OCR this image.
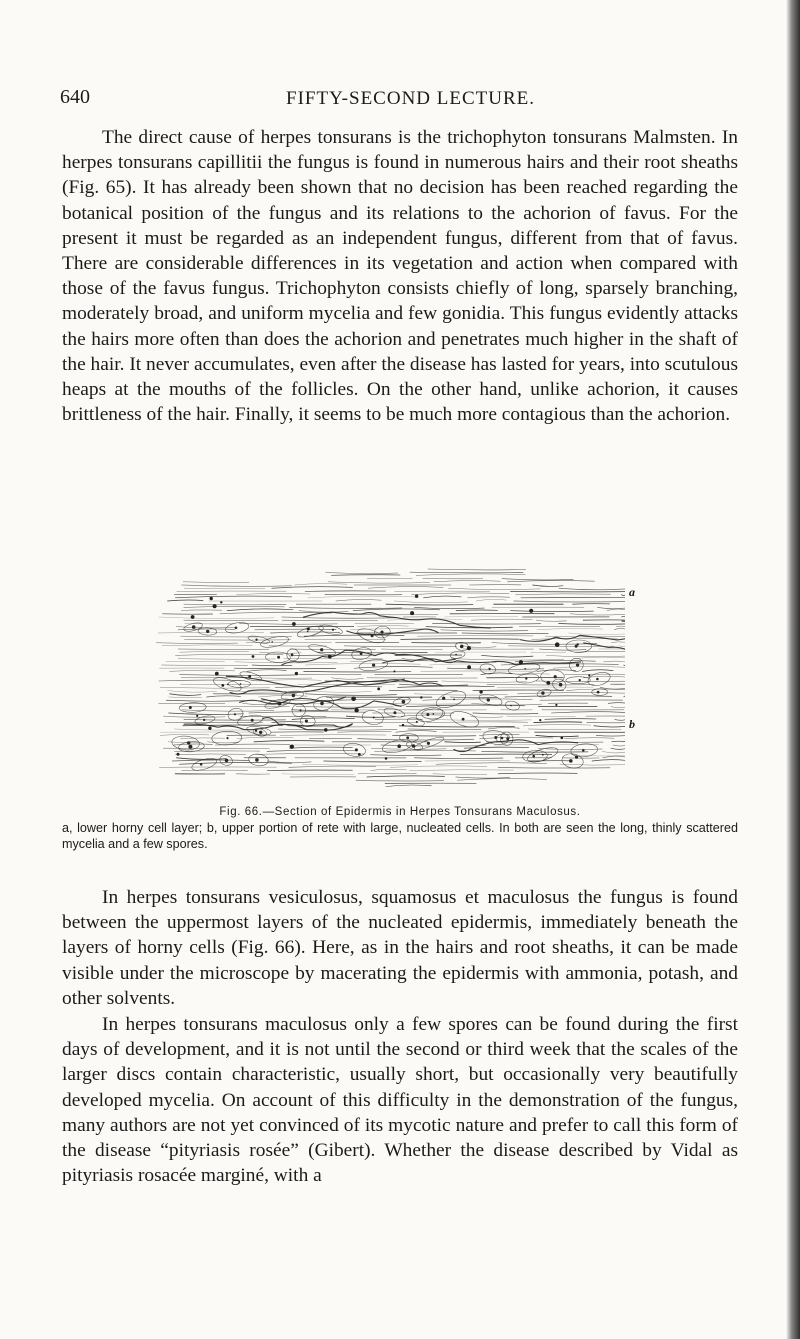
640	FIFTY-SECOND LECTURE.

The direct cause of herpes tonsurans is the trichophyton tonsurans Malmsten. In herpes tonsurans capillitii the fungus is found in numerous hairs and their root sheaths (Fig. 65). It has already been shown that no decision has been reached regarding the botanical position of the fungus and its relations to the achorion of favus. For the present it must be regarded as an independent fungus, different from that of favus. There are considerable differences in its vegetation and action when compared with those of the favus fungus. Trichophyton consists chiefly of long, sparsely branching, moderately broad, and uniform mycelia and few gonidia. This fungus evidently attacks the hairs more often than does the achorion and penetrates much higher in the shaft of the hair. It never accumulates, even after the disease has lasted for years, into scutulous heaps at the mouths of the follicles. On the other hand, unlike achorion, it causes brittleness of the hair. Finally, it seems to be much more contagious than the achorion.

a
b
Fig. 66.—Section of Epidermis in Herpes Tonsurans Maculosus.

a, lower horny cell layer; b, upper portion of rete with large, nucleated cells. In both are seen the long, thinly scattered mycelia and a few spores.

In herpes tonsurans vesiculosus, squamosus et maculosus the fungus is found between the uppermost layers of the nucleated epidermis, immediately beneath the layers of horny cells (Fig. 66). Here, as in the hairs and root sheaths, it can be made visible under the microscope by macerating the epidermis with ammonia, potash, and other solvents.

In herpes tonsurans maculosus only a few spores can be found during the first days of development, and it is not until the second or third week that the scales of the larger discs contain characteristic, usually short, but occasionally very beautifully developed mycelia. On account of this difficulty in the demonstration of the fungus, many authors are not yet convinced of its mycotic nature and prefer to call this form of the disease “pityriasis rosée” (Gibert). Whether the disease described by Vidal as pityriasis rosacée marginé, with a
